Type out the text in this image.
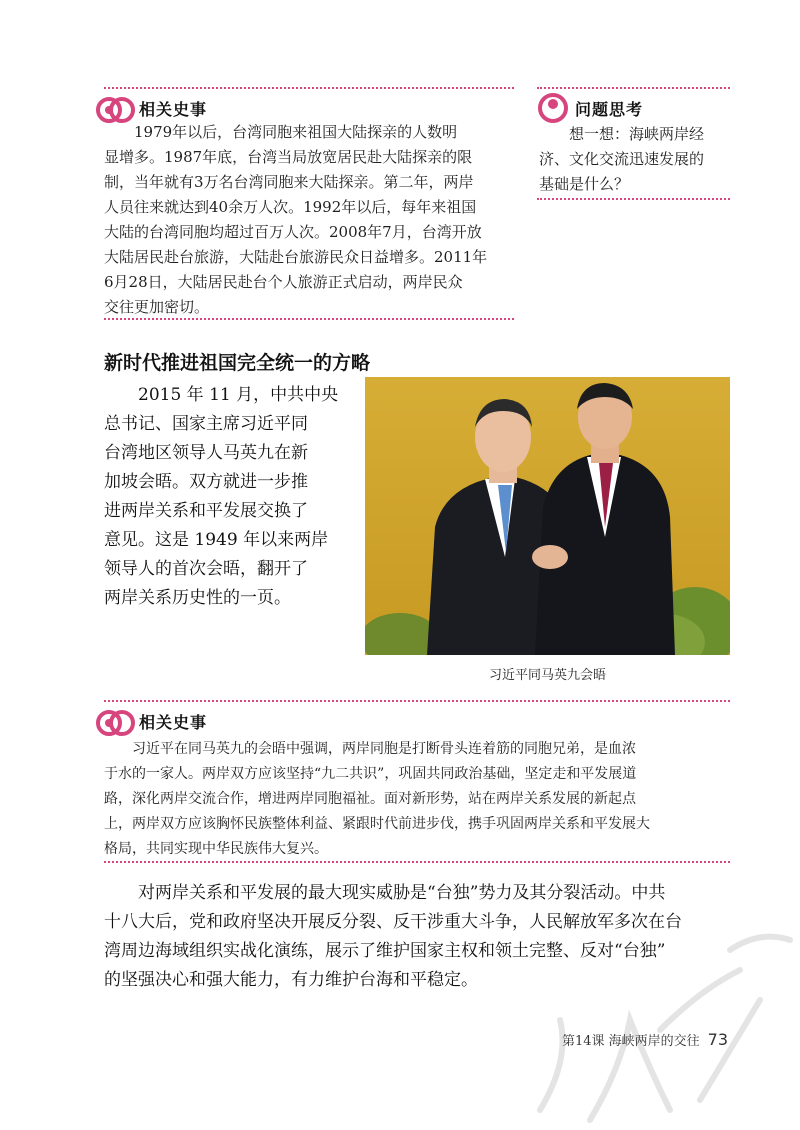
相关史事

1979年以后，台湾同胞来祖国大陆探亲的人数明

显增多。1987年底，台湾当局放宽居民赴大陆探亲的限

制，当年就有3万名台湾同胞来大陆探亲。第二年，两岸

人员往来就达到40余万人次。1992年以后，每年来祖国

大陆的台湾同胞均超过百万人次。2008年7月，台湾开放

大陆居民赴台旅游，大陆赴台旅游民众日益增多。2011年

6月28日，大陆居民赴台个人旅游正式启动，两岸民众

交往更加密切。

问题思考

想一想：海峡两岸经

济、文化交流迅速发展的

基础是什么？

新时代推进祖国完全统一的方略

2015 年 11 月，中共中央

总书记、国家主席习近平同

台湾地区领导人马英九在新

加坡会晤。双方就进一步推

进两岸关系和平发展交换了

意见。这是 1949 年以来两岸

领导人的首次会晤，翻开了

两岸关系历史性的一页。

习近平同马英九会晤
相关史事

习近平在同马英九的会晤中强调，两岸同胞是打断骨头连着筋的同胞兄弟，是血浓

于水的一家人。两岸双方应该坚持“九二共识”，巩固共同政治基础，坚定走和平发展道

路，深化两岸交流合作，增进两岸同胞福祉。面对新形势，站在两岸关系发展的新起点

上，两岸双方应该胸怀民族整体利益、紧跟时代前进步伐，携手巩固两岸关系和平发展大

格局，共同实现中华民族伟大复兴。

对两岸关系和平发展的最大现实威胁是“台独”势力及其分裂活动。中共

十八大后，党和政府坚决开展反分裂、反干涉重大斗争，人民解放军多次在台

湾周边海域组织实战化演练，展示了维护国家主权和领土完整、反对“台独”

的坚强决心和强大能力，有力维护台海和平稳定。

第14课 海峡两岸的交往 73
